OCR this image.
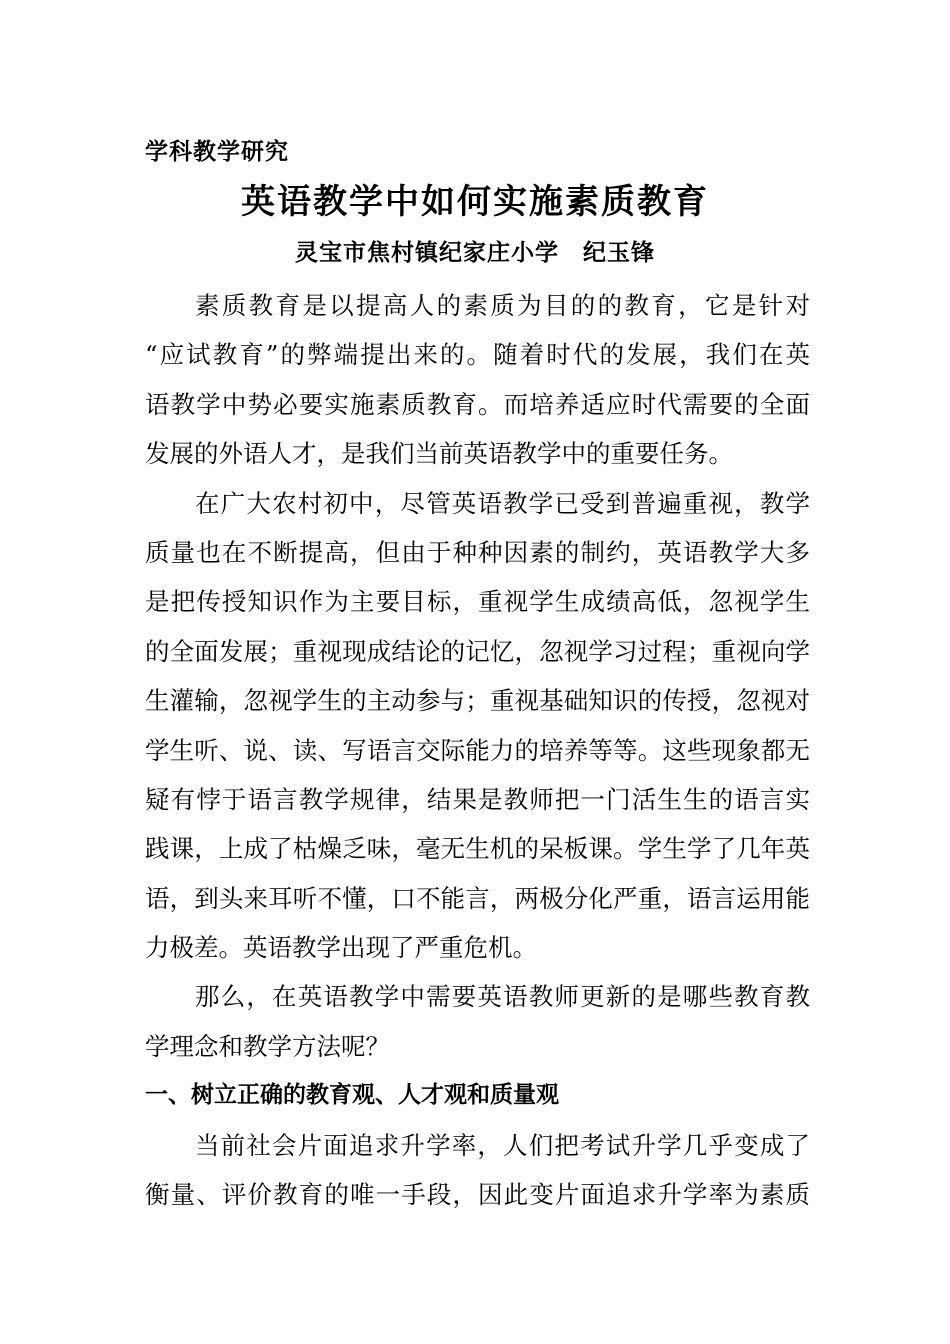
学科教学研究
英语教学中如何实施素质教育
灵宝市焦村镇纪家庄小学　纪玉锋
素质教育是以提高人的素质为目的的教育，它是针对
“应试教育”的弊端提出来的。随着时代的发展，我们在英
语教学中势必要实施素质教育。而培养适应时代需要的全面
发展的外语人才，是我们当前英语教学中的重要任务。
在广大农村初中，尽管英语教学已受到普遍重视，教学
质量也在不断提高，但由于种种因素的制约，英语教学大多
是把传授知识作为主要目标，重视学生成绩高低，忽视学生
的全面发展；重视现成结论的记忆，忽视学习过程；重视向学
生灌输，忽视学生的主动参与；重视基础知识的传授，忽视对
学生听、说、读、写语言交际能力的培养等等。这些现象都无
疑有悖于语言教学规律，结果是教师把一门活生生的语言实
践课，上成了枯燥乏味，毫无生机的呆板课。学生学了几年英
语，到头来耳听不懂，口不能言，两极分化严重，语言运用能
力极差。英语教学出现了严重危机。
那么，在英语教学中需要英语教师更新的是哪些教育教
学理念和教学方法呢？
一、树立正确的教育观、人才观和质量观
当前社会片面追求升学率，人们把考试升学几乎变成了
衡量、评价教育的唯一手段，因此变片面追求升学率为素质
